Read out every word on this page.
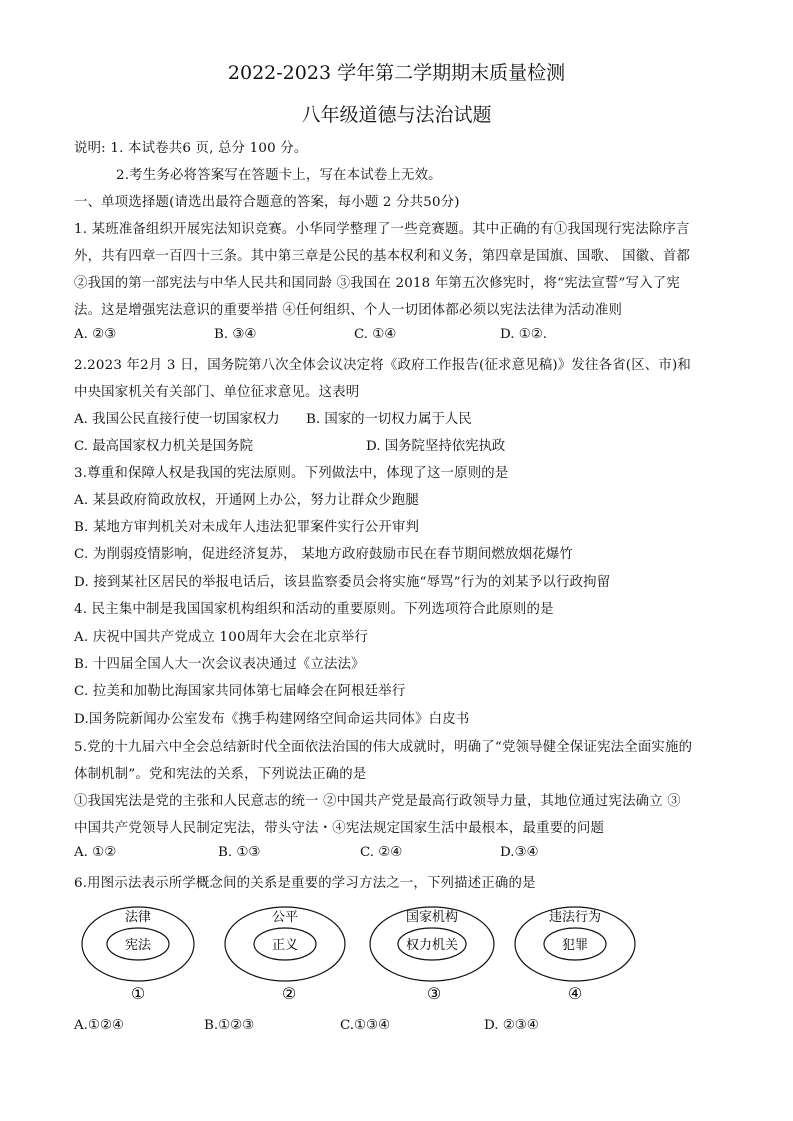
2022-2023 学年第二学期期末质量检测
八年级道德与法治试题
说明: 1. 本试卷共6 页, 总分 100 分。
2.考生务必将答案写在答题卡上，写在本试卷上无效。
一、单项选择题(请选出最符合题意的答案，每小题 2 分共50分)
1. 某班准备组织开展宪法知识竞赛。小华同学整理了一些竞赛题。其中正确的有①我国现行宪法除序言
外，共有四章一百四十三条。其中第三章是公民的基本权利和义务，第四章是国旗、国歌、 国徽、首都
②我国的第一部宪法与中华人民共和国同龄 ③我国在 2018 年第五次修宪时，将“宪法宣誓”写入了宪
法。这是增强宪法意识的重要举措 ④任何组织、个人一切团体都必须以宪法法律为活动准则
A. ②③	B. ③④	C. ①④	D. ①②.
2.2023 年2月 3 日，国务院第八次全体会议决定将《政府工作报告(征求意见稿)》发往各省(区、市)和
中央国家机关有关部门、单位征求意见。这表明
A. 我国公民直接行使一切国家权力 B. 国家的一切权力属于人民
C. 最高国家权力机关是国务院	D. 国务院坚持依宪执政
3.尊重和保障人权是我国的宪法原则。下列做法中，体现了这一原则的是
A. 某县政府简政放权，开通网上办公，努力让群众少跑腿
B. 某地方审判机关对未成年人违法犯罪案件实行公开审判
C. 为削弱疫情影响，促进经济复苏， 某地方政府鼓励市民在春节期间燃放烟花爆竹
D. 接到某社区居民的举报电话后，该县监察委员会将实施“辱骂”行为的刘某予以行政拘留
4. 民主集中制是我国国家机构组织和活动的重要原则。下列选项符合此原则的是
A. 庆祝中国共产党成立 100周年大会在北京举行
B. 十四届全国人大一次会议表决通过《立法法》
C. 拉美和加勒比海国家共同体第七届峰会在阿根廷举行
D.国务院新闻办公室发布《携手构建网络空间命运共同体》白皮书
5.党的十九届六中全会总结新时代全面依法治国的伟大成就时，明确了“党领导健全保证宪法全面实施的
体制机制”。党和宪法的关系，下列说法正确的是
①我国宪法是党的主张和人民意志的统一 ②中国共产党是最高行政领导力量，其地位通过宪法确立 ③
中国共产党领导人民制定宪法，带头守法・④宪法规定国家生活中最根本，最重要的问题
A. ①②	B. ①③	C. ②④	D.③④
6.用图示法表示所学概念间的关系是重要的学习方法之一，下列描述正确的是
法律
宪法
①
公平
正义
②
国家机构
权力机关
③
违法行为
犯罪
④
A.①②④	B.①②③	C.①③④	D. ②③④
